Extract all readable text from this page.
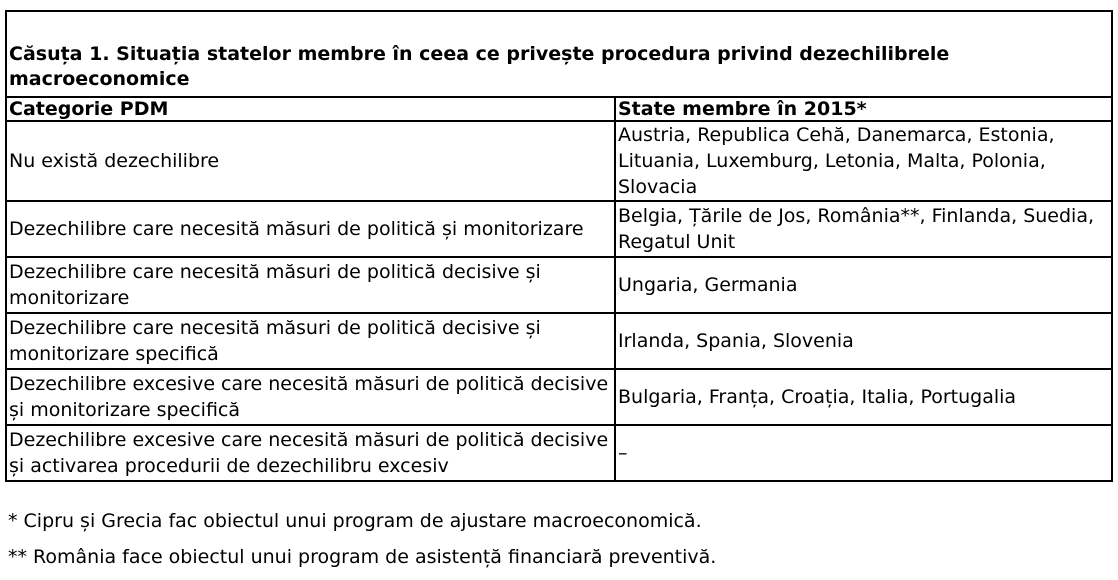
Căsuța 1. Situația statelor membre în ceea ce privește procedura privind dezechilibrele macroeconomice
Categorie PDM	State membre în 2015*
Nu există dezechilibre	Austria, Republica Cehă, Danemarca, Estonia, Lituania, Luxemburg, Letonia, Malta, Polonia, Slovacia
Dezechilibre care necesită măsuri de politică și monitorizare	Belgia, Țările de Jos, România**, Finlanda, Suedia, Regatul Unit
Dezechilibre care necesită măsuri de politică decisive și monitorizare	Ungaria, Germania
Dezechilibre care necesită măsuri de politică decisive și monitorizare specifică	Irlanda, Spania, Slovenia
Dezechilibre excesive care necesită măsuri de politică decisive și monitorizare specifică	Bulgaria, Franța, Croația, Italia, Portugalia
Dezechilibre excesive care necesită măsuri de politică decisive și activarea procedurii de dezechilibru excesiv	–
* Cipru și Grecia fac obiectul unui program de ajustare macroeconomică.
** România face obiectul unui program de asistență financiară preventivă.
